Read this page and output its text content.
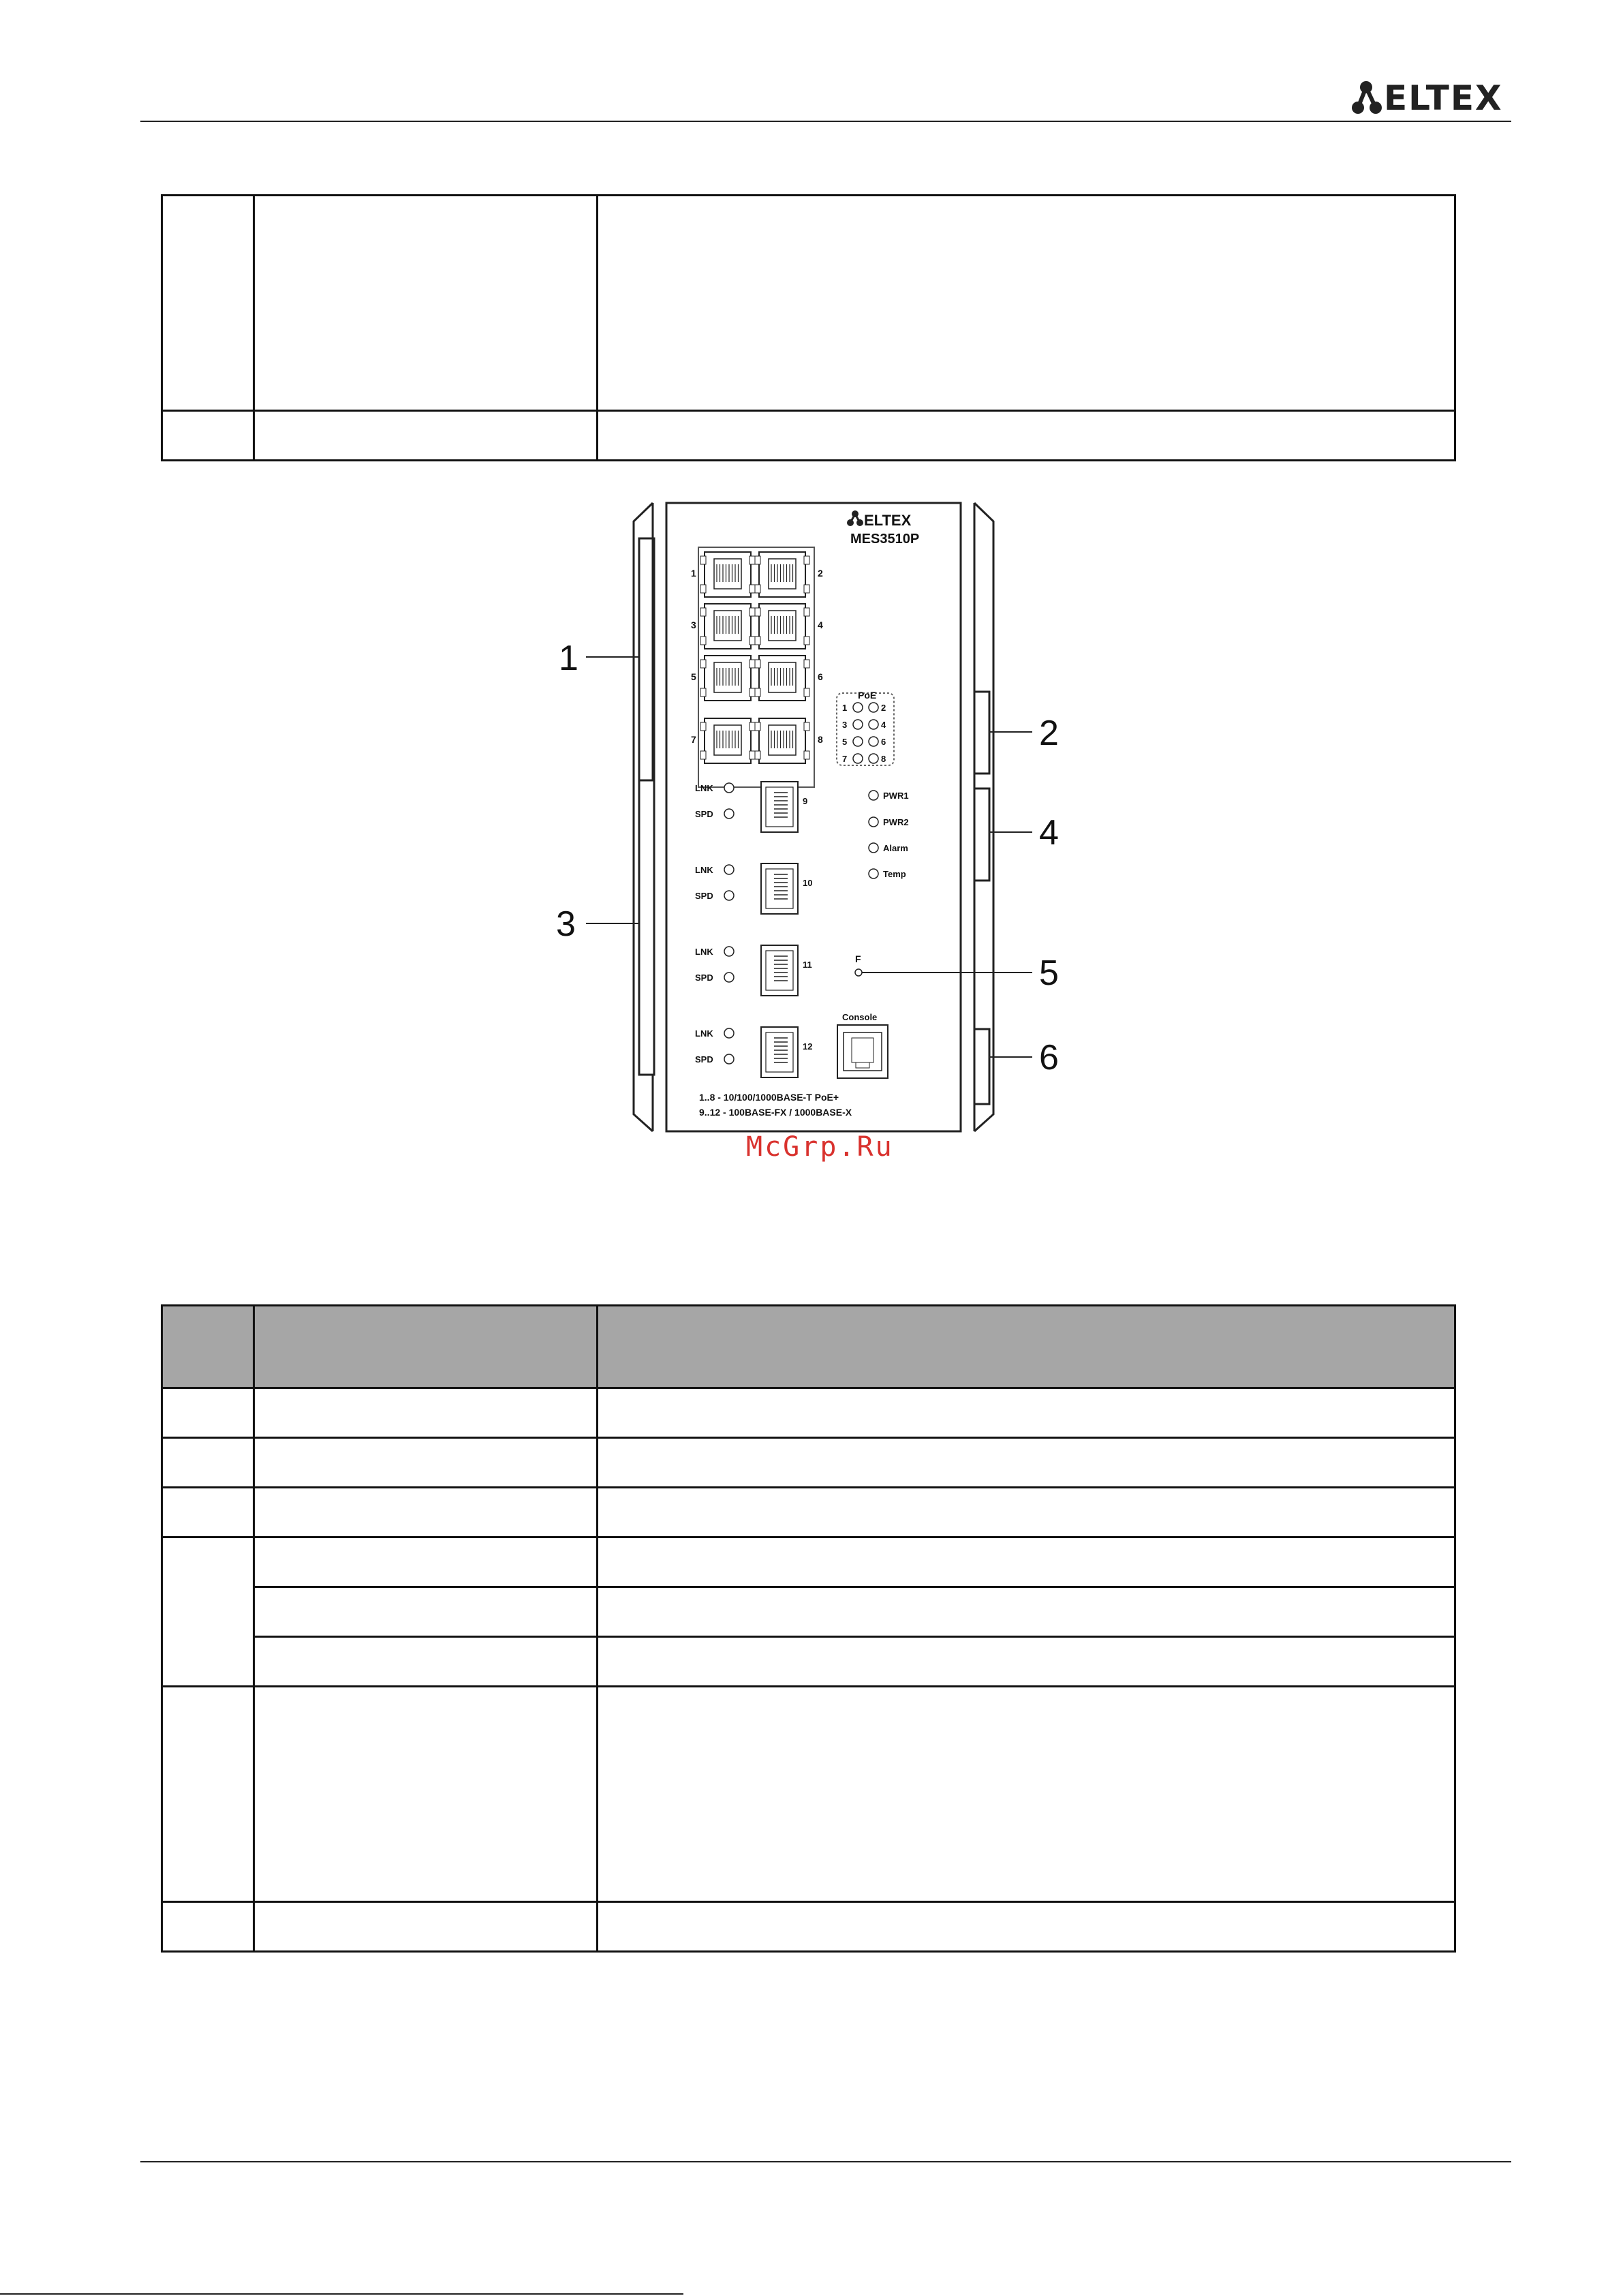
ELTEX

ELTEX
MES3510P
1
3
5
7
2
4
6
8
PoE
1	2
3	4
5	6
7	8
LNK
SPD
9
LNK
SPD
10
LNK
SPD
11
LNK
SPD
12
PWR1
PWR2
Alarm
Temp
F
Console
1..8 - 10/100/1000BASE-T PoE+
9..12 - 100BASE-FX / 1000BASE-X
1
2
3
4
5
6
McGrp.Ru
